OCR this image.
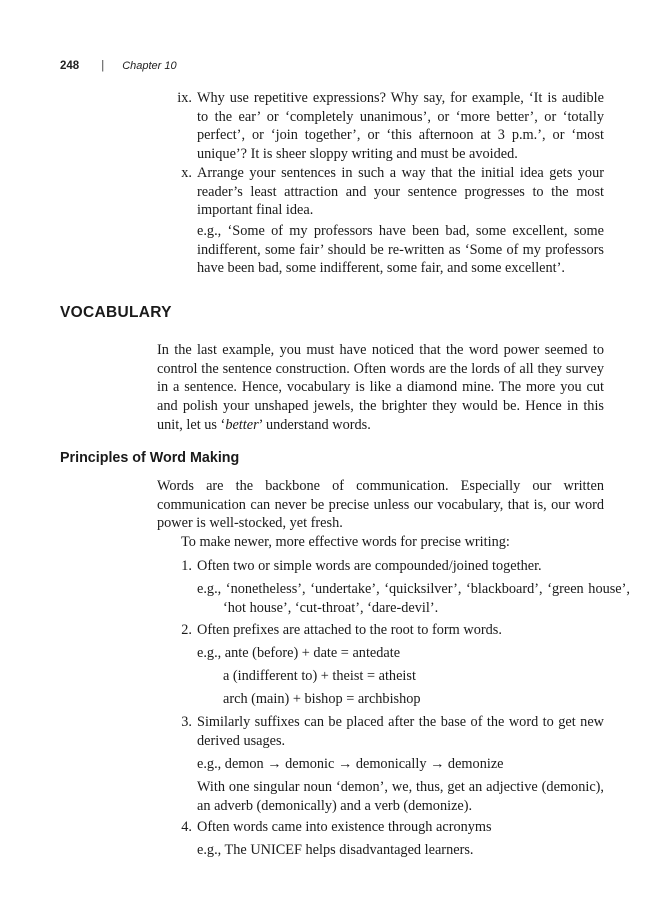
248 | Chapter 10
ix. Why use repetitive expressions? Why say, for example, ‘It is audible to the ear’ or ‘completely unanimous’, or ‘more better’, or ‘totally perfect’, or ‘join together’, or ‘this afternoon at 3 p.m.’, or ‘most unique’? It is sheer sloppy writing and must be avoided.
x. Arrange your sentences in such a way that the initial idea gets your reader’s least attraction and your sentence progresses to the most important final idea.
e.g., ‘Some of my professors have been bad, some excellent, some indifferent, some fair’ should be re-written as ‘Some of my professors have been bad, some indifferent, some fair, and some excellent’.
VOCABULARY
In the last example, you must have noticed that the word power seemed to control the sentence construction. Often words are the lords of all they survey in a sentence. Hence, vocabulary is like a diamond mine. The more you cut and polish your unshaped jewels, the brighter they would be. Hence in this unit, let us ‘better’ understand words.
Principles of Word Making
Words are the backbone of communication. Especially our written communication can never be precise unless our vocabulary, that is, our word power is well-stocked, yet fresh.
To make newer, more effective words for precise writing:
1. Often two or simple words are compounded/joined together.
e.g., ‘nonetheless’, ‘undertake’, ‘quicksilver’, ‘blackboard’, ‘green house’, ‘hot house’, ‘cut-throat’, ‘dare-devil’.
2. Often prefixes are attached to the root to form words.
e.g., ante (before) + date = antedate
a (indifferent to) + theist = atheist
arch (main) + bishop = archbishop
3. Similarly suffixes can be placed after the base of the word to get new derived usages.
e.g., demon → demonic → demonically → demonize
With one singular noun ‘demon’, we, thus, get an adjective (demonic), an adverb (demonically) and a verb (demonize).
4. Often words came into existence through acronyms
e.g., The UNICEF helps disadvantaged learners.
